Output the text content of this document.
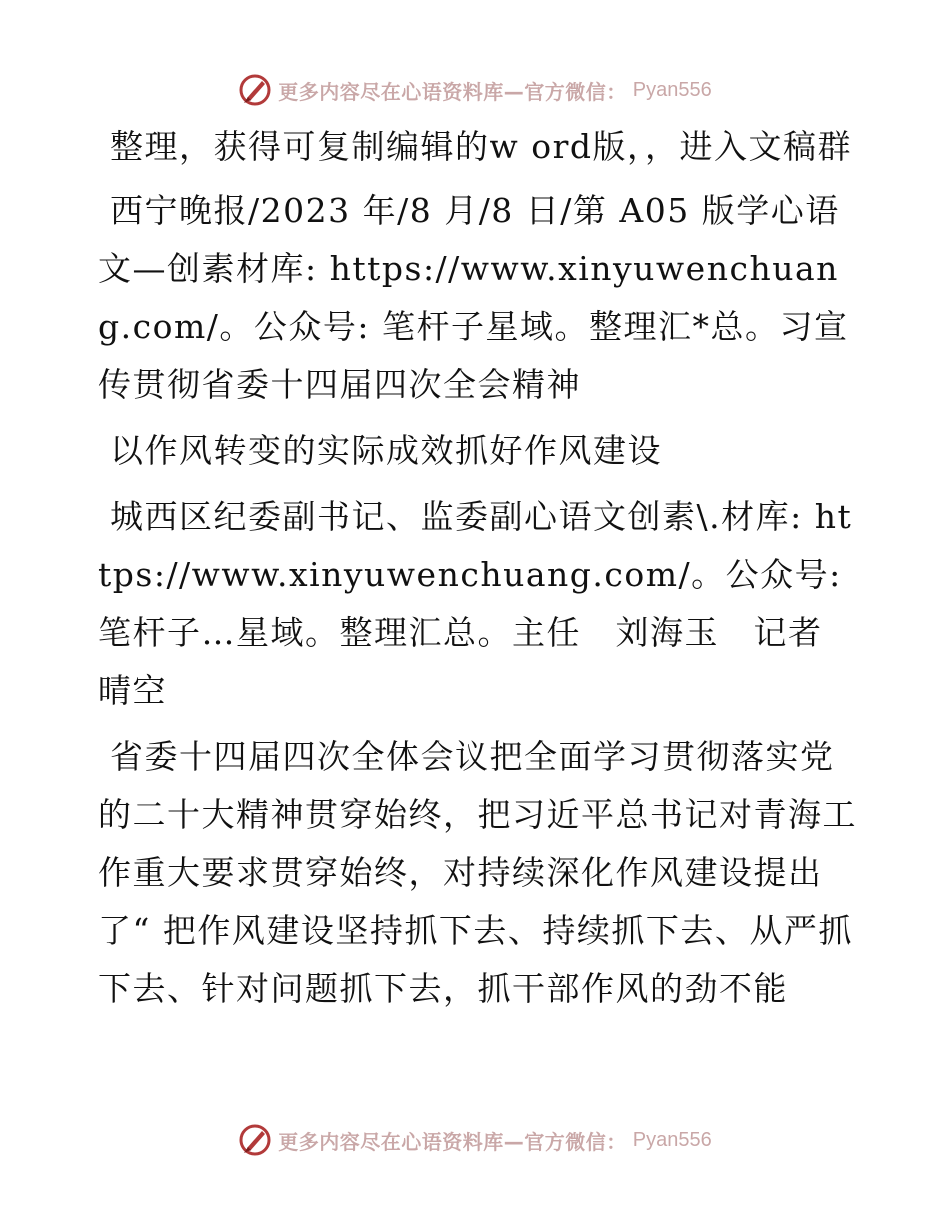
更多内容尽在心语资料库—官方微信： Pyan556

整理，获得可复制编辑的w ord版，，进入文稿群

西宁晚报/2023 年/8 月/8 日/第 A05 版学心语文—创素材库: https://www.xinyuwenchuang.com/。公众号: 笔杆子星域。整理汇*总。习宣传贯彻省委十四届四次全会精神

以作风转变的实际成效抓好作风建设

城西区纪委副书记、监委副心语文创素\.材库: https://www.xinyuwenchuang.com/。公众号: 笔杆子…星域。整理汇总。主任　刘海玉　记者　晴空

省委十四届四次全体会议把全面学习贯彻落实党的二十大精神贯穿始终，把习近平总书记对青海工作重大要求贯穿始终，对持续深化作风建设提出了“ 把作风建设坚持抓下去、持续抓下去、从严抓下去、针对问题抓下去，抓干部作风的劲不能

更多内容尽在心语资料库—官方微信： Pyan556
